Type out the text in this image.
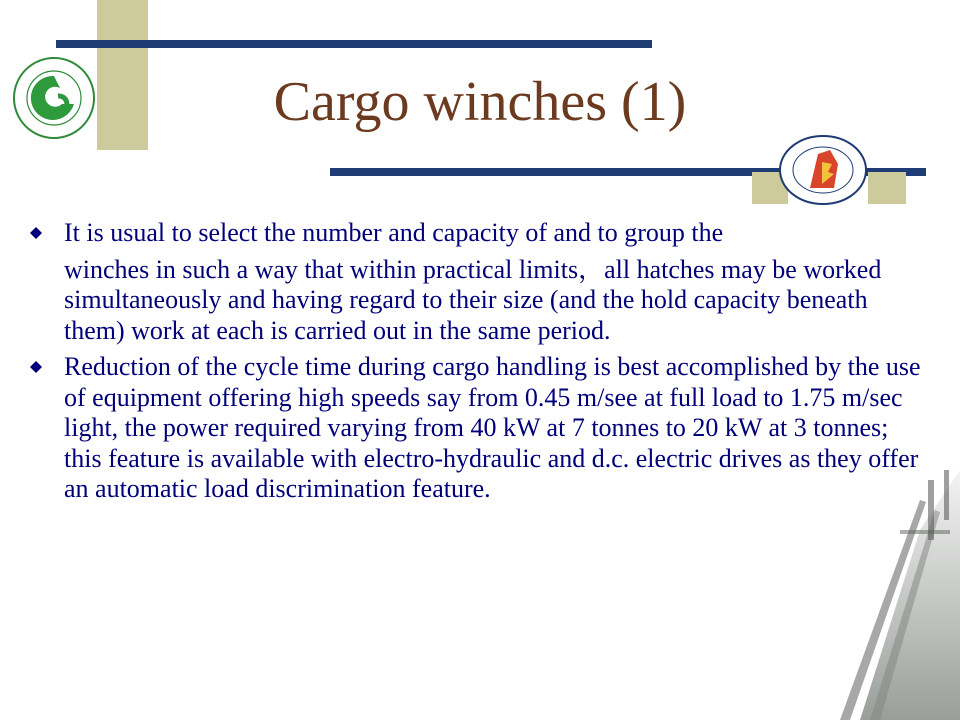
Cargo winches (1)

It is usual to select the number and capacity of and to group the

winches in such a way that within practical limits，all hatches may be worked simultaneously and having regard to their size (and the hold capacity beneath them) work at each is carried out in the same period.

Reduction of the cycle time during cargo handling is best accomplished by the use of equipment offering high speeds say from 0.45 m/see at full load to 1.75 m/sec light, the power required varying from 40 kW at 7 tonnes to 20 kW at 3 tonnes; this feature is available with electro-hydraulic and d.c. electric drives as they offer an automatic load discrimination feature.
